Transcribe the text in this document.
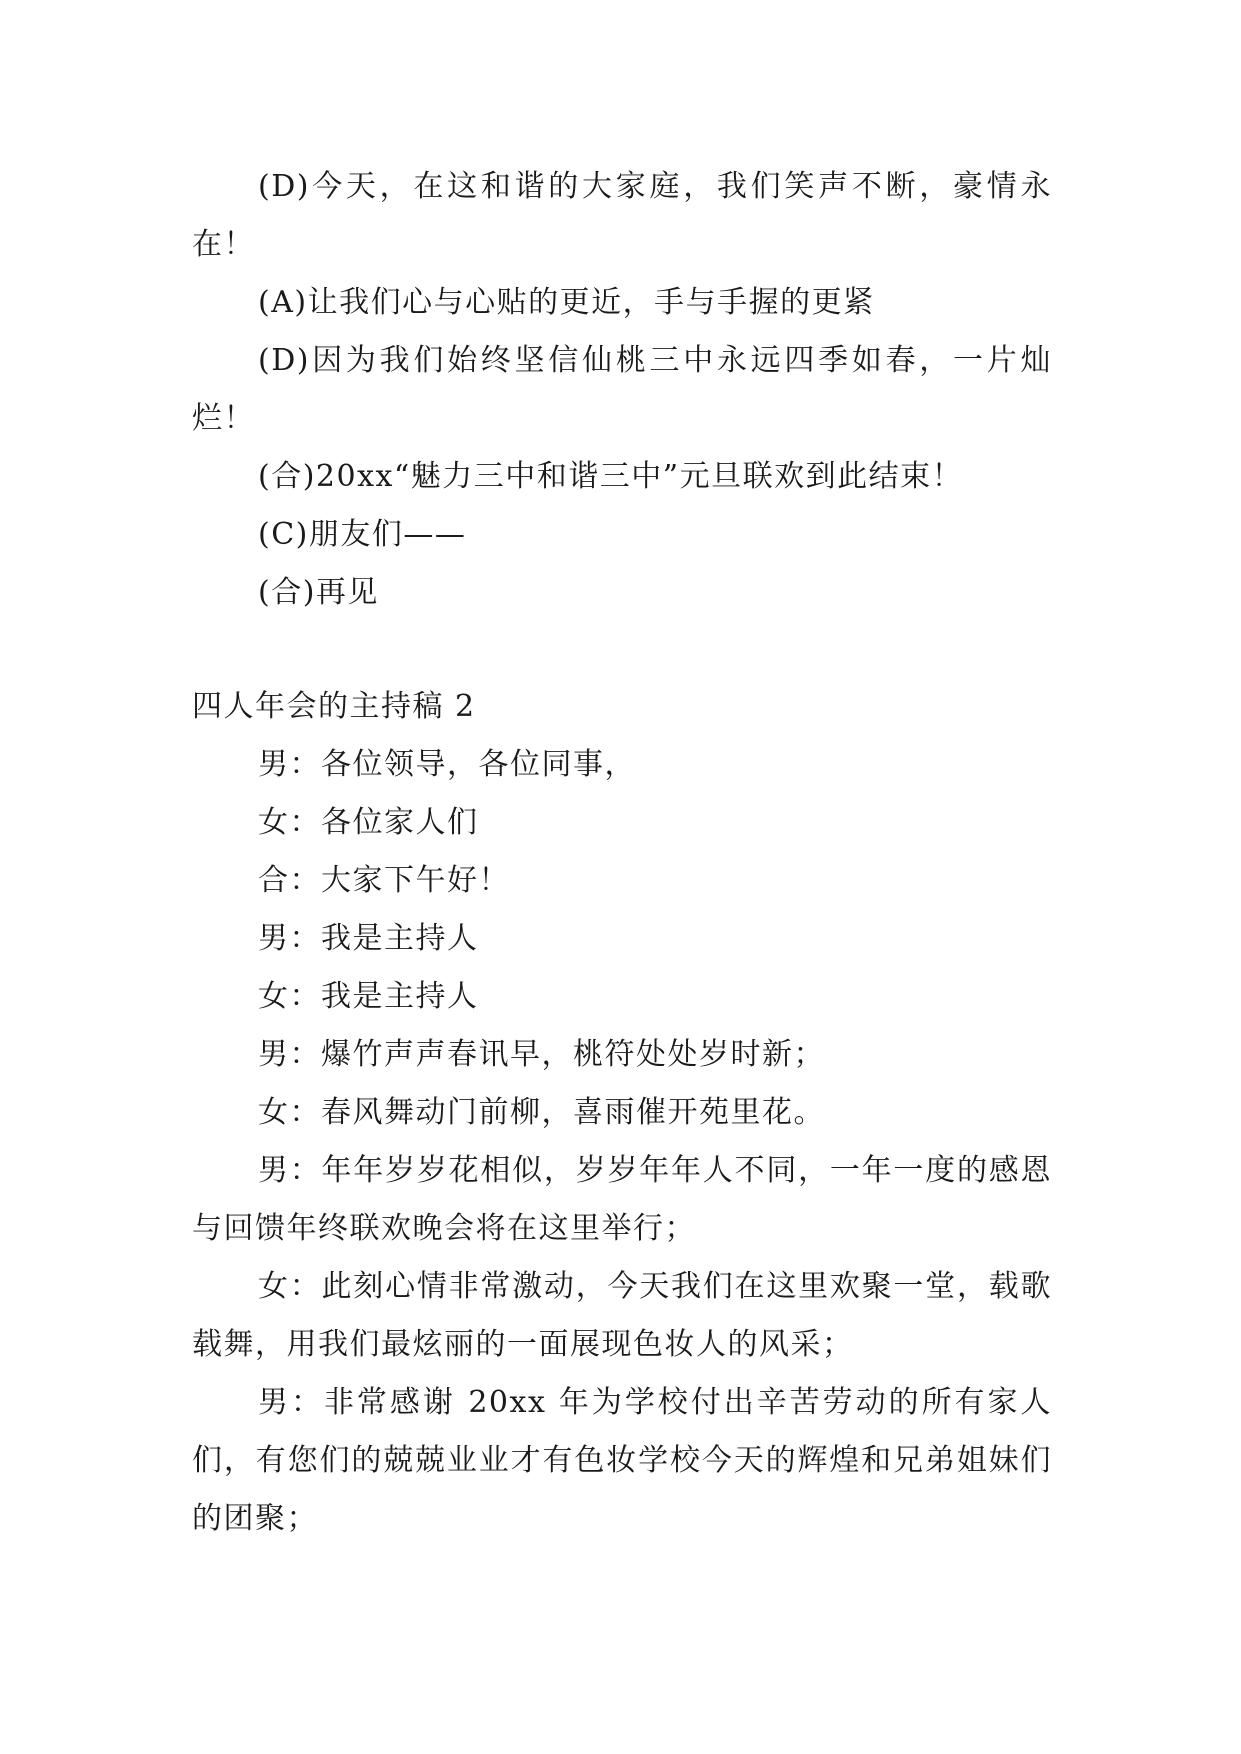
(D)今天，在这和谐的大家庭，我们笑声不断，豪情永在！

(A)让我们心与心贴的更近，手与手握的更紧

(D)因为我们始终坚信仙桃三中永远四季如春，一片灿烂！

(合)20xx“魅力三中和谐三中”元旦联欢到此结束！

(C)朋友们——

(合)再见

四人年会的主持稿 2

男：各位领导，各位同事，

女：各位家人们

合：大家下午好！

男：我是主持人

女：我是主持人

男：爆竹声声春讯早，桃符处处岁时新；

女：春风舞动门前柳，喜雨催开苑里花。

男：年年岁岁花相似，岁岁年年人不同，一年一度的感恩与回馈年终联欢晚会将在这里举行；

女：此刻心情非常激动，今天我们在这里欢聚一堂，载歌载舞，用我们最炫丽的一面展现色妆人的风采；

男：非常感谢 20xx 年为学校付出辛苦劳动的所有家人们，有您们的兢兢业业才有色妆学校今天的辉煌和兄弟姐妹们的团聚；
